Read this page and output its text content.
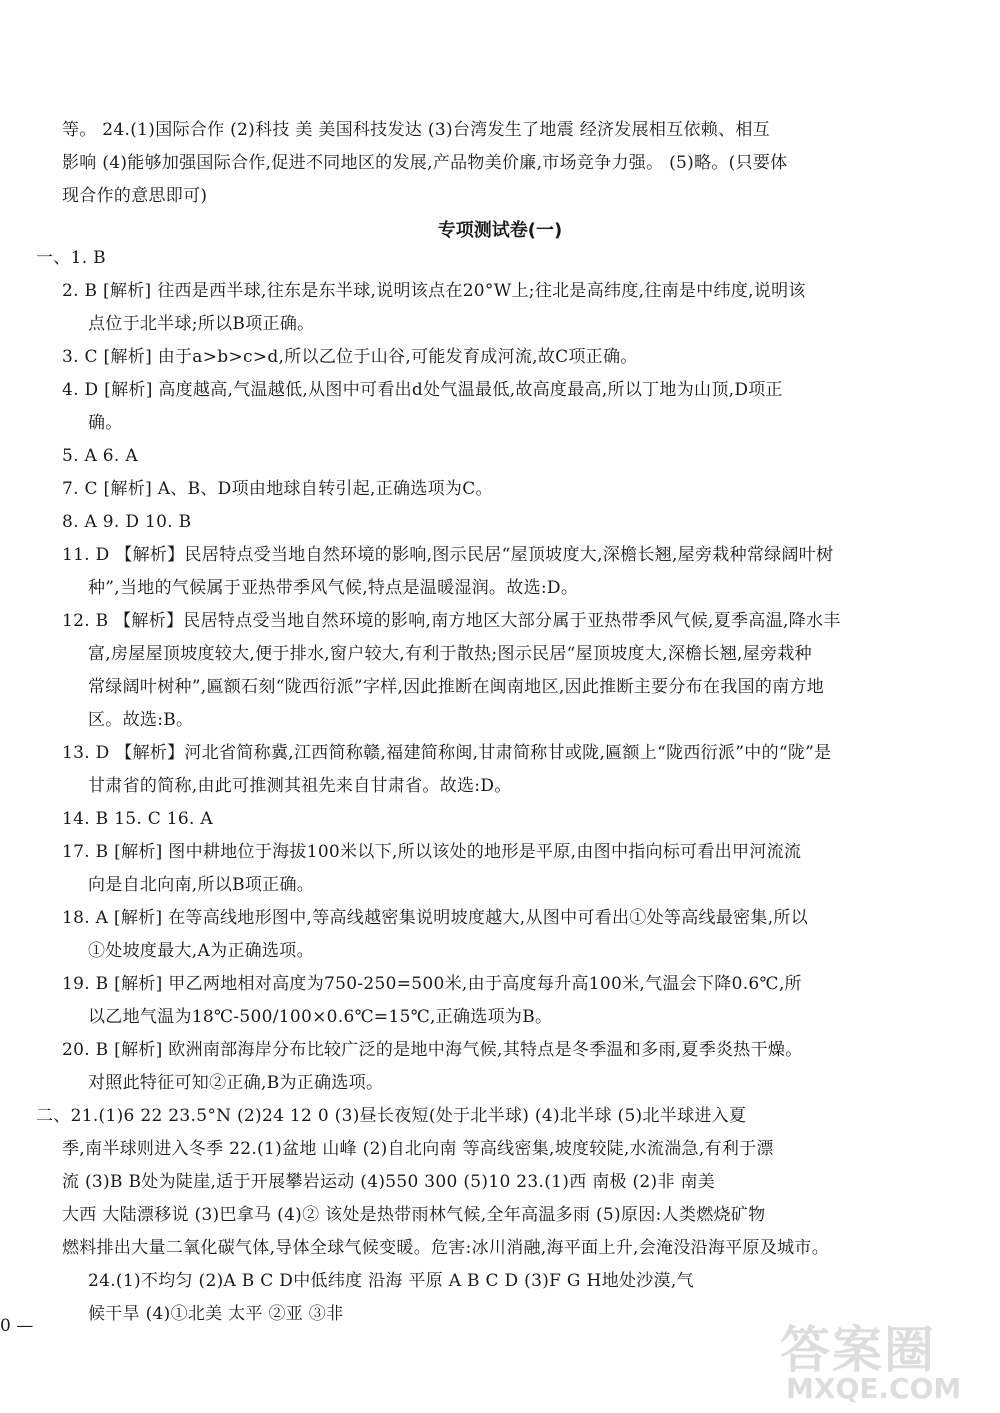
等。 24.(1)国际合作 (2)科技 美 美国科技发达 (3)台湾发生了地震 经济发展相互依赖、相互
影响 (4)能够加强国际合作,促进不同地区的发展,产品物美价廉,市场竞争力强。 (5)略。(只要体
现合作的意思即可)
专项测试卷(一)
一、1. B
2. B [解析] 往西是西半球,往东是东半球,说明该点在20°W上;往北是高纬度,往南是中纬度,说明该
点位于北半球;所以B项正确。
3. C [解析] 由于a>b>c>d,所以乙位于山谷,可能发育成河流,故C项正确。
4. D [解析] 高度越高,气温越低,从图中可看出d处气温最低,故高度最高,所以丁地为山顶,D项正
确。
5. A 6. A
7. C [解析] A、B、D项由地球自转引起,正确选项为C。
8. A 9. D 10. B
11. D 【解析】民居特点受当地自然环境的影响,图示民居“屋顶坡度大,深檐长翘,屋旁栽种常绿阔叶树
种”,当地的气候属于亚热带季风气候,特点是温暖湿润。故选:D。
12. B 【解析】民居特点受当地自然环境的影响,南方地区大部分属于亚热带季风气候,夏季高温,降水丰
富,房屋屋顶坡度较大,便于排水,窗户较大,有利于散热;图示民居“屋顶坡度大,深檐长翘,屋旁栽种
常绿阔叶树种”,匾额石刻“陇西衍派”字样,因此推断在闽南地区,因此推断主要分布在我国的南方地
区。故选:B。
13. D 【解析】河北省简称冀,江西简称赣,福建简称闽,甘肃简称甘或陇,匾额上“陇西衍派”中的“陇”是
甘肃省的简称,由此可推测其祖先来自甘肃省。故选:D。
14. B 15. C 16. A
17. B [解析] 图中耕地位于海拔100米以下,所以该处的地形是平原,由图中指向标可看出甲河流流
向是自北向南,所以B项正确。
18. A [解析] 在等高线地形图中,等高线越密集说明坡度越大,从图中可看出①处等高线最密集,所以
①处坡度最大,A为正确选项。
19. B [解析] 甲乙两地相对高度为750-250=500米,由于高度每升高100米,气温会下降0.6℃,所
以乙地气温为18℃-500/100×0.6℃=15℃,正确选项为B。
20. B [解析] 欧洲南部海岸分布比较广泛的是地中海气候,其特点是冬季温和多雨,夏季炎热干燥。
对照此特征可知②正确,B为正确选项。
二、21.(1)6 22 23.5°N (2)24 12 0 (3)昼长夜短(处于北半球) (4)北半球 (5)北半球进入夏
季,南半球则进入冬季 22.(1)盆地 山峰 (2)自北向南 等高线密集,坡度较陡,水流湍急,有利于漂
流 (3)B B处为陡崖,适于开展攀岩运动 (4)550 300 (5)10 23.(1)西 南极 (2)非 南美
大西 大陆漂移说 (3)巴拿马 (4)② 该处是热带雨林气候,全年高温多雨 (5)原因:人类燃烧矿物
燃料排出大量二氧化碳气体,导体全球气候变暖。危害:冰川消融,海平面上升,会淹没沿海平原及城市。
24.(1)不均匀 (2)A B C D中低纬度 沿海 平原 A B C D (3)F G H地处沙漠,气
候干旱 (4)①北美 太平 ②亚 ③非
0 —	答案圈
MXQE.COM
